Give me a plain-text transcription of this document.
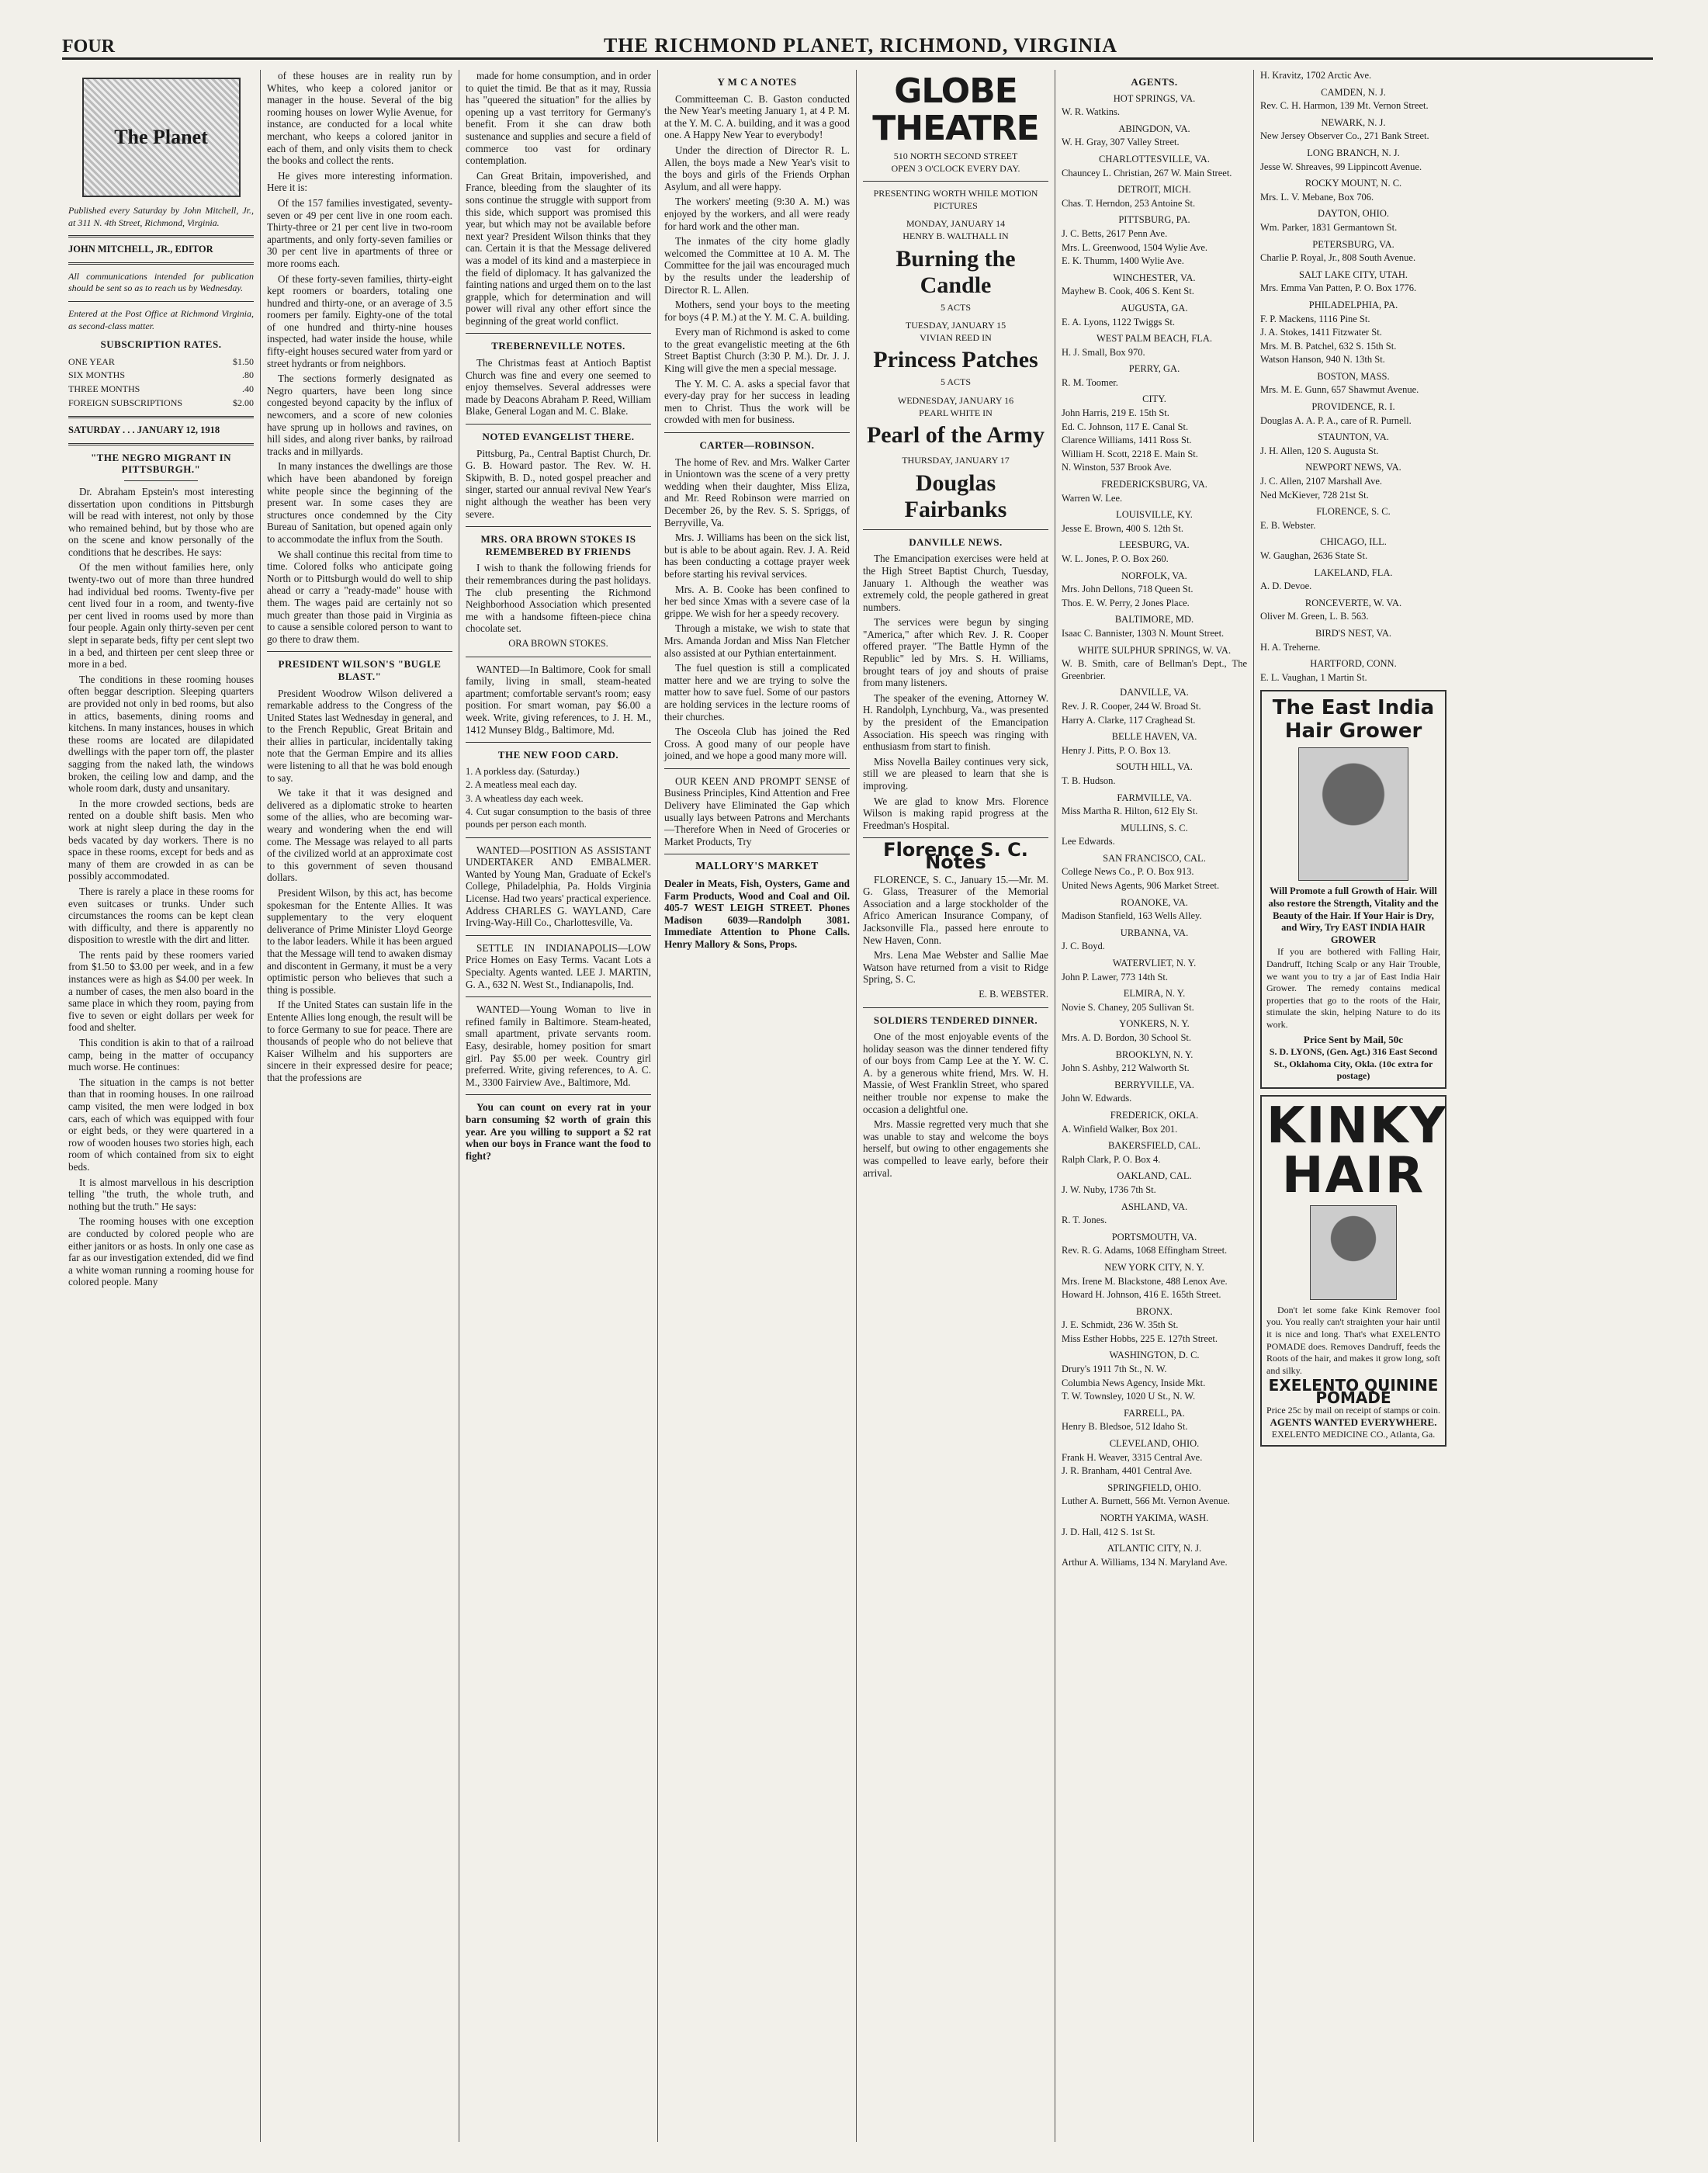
FOUR	THE RICHMOND PLANET, RICHMOND, VIRGINIA
The Planet
Published every Saturday by John Mitchell, Jr., at 311 N. 4th Street, Richmond, Virginia.
JOHN MITCHELL, JR., EDITOR
All communications intended for publication should be sent so as to reach us by Wednesday.
Entered at the Post Office at Richmond Virginia, as second-class matter.
SUBSCRIPTION RATES.
ONE YEAR	$1.50
SIX MONTHS	.80
THREE MONTHS	.40
FOREIGN SUBSCRIPTIONS	$2.00
SATURDAY . . . JANUARY 12, 1918
"THE NEGRO MIGRANT IN PITTSBURGH."

Dr. Abraham Epstein's most interesting dissertation upon conditions in Pittsburgh will be read with interest, not only by those who remained behind, but by those who are on the scene and know personally of the conditions that he describes. He says:

Of the men without families here, only twenty-two out of more than three hundred had individual bed rooms. Twenty-five per cent lived four in a room, and twenty-five per cent lived in rooms used by more than four people. Again only thirty-seven per cent slept in separate beds, fifty per cent slept two in a bed, and thirteen per cent sleep three or more in a bed.

The conditions in these rooming houses often beggar description. Sleeping quarters are provided not only in bed rooms, but also in attics, basements, dining rooms and kitchens. In many instances, houses in which these rooms are located are dilapidated dwellings with the paper torn off, the plaster sagging from the naked lath, the windows broken, the ceiling low and damp, and the whole room dark, dusty and unsanitary.

In the more crowded sections, beds are rented on a double shift basis. Men who work at night sleep during the day in the beds vacated by day workers. There is no space in these rooms, except for beds and as many of them are crowded in as can be possibly accommodated.

There is rarely a place in these rooms for even suitcases or trunks. Under such circumstances the rooms can be kept clean with difficulty, and there is apparently no disposition to wrestle with the dirt and litter.

The rents paid by these roomers varied from $1.50 to $3.00 per week, and in a few instances were as high as $4.00 per week. In a number of cases, the men also board in the same place in which they room, paying from five to seven or eight dollars per week for food and shelter.

This condition is akin to that of a railroad camp, being in the matter of occupancy much worse. He continues:

The situation in the camps is not better than that in rooming houses. In one railroad camp visited, the men were lodged in box cars, each of which was equipped with four or eight beds, or they were quartered in a row of wooden houses two stories high, each room of which contained from six to eight beds.

It is almost marvellous in his description telling "the truth, the whole truth, and nothing but the truth." He says:

The rooming houses with one exception are conducted by colored people who are either janitors or as hosts. In only one case as far as our investigation extended, did we find a white woman running a rooming house for colored people. Many

of these houses are in reality run by Whites, who keep a colored janitor or manager in the house. Several of the big rooming houses on lower Wylie Avenue, for instance, are conducted for a local white merchant, who keeps a colored janitor in each of them, and only visits them to check the books and collect the rents.

He gives more interesting information. Here it is:

Of the 157 families investigated, seventy-seven or 49 per cent live in one room each. Thirty-three or 21 per cent live in two-room apartments, and only forty-seven families or 30 per cent live in apartments of three or more rooms each.

Of these forty-seven families, thirty-eight kept roomers or boarders, totaling one hundred and thirty-one, or an average of 3.5 roomers per family. Eighty-one of the total of one hundred and thirty-nine houses inspected, had water inside the house, while fifty-eight houses secured water from yard or street hydrants or from neighbors.

The sections formerly designated as Negro quarters, have been long since congested beyond capacity by the influx of newcomers, and a score of new colonies have sprung up in hollows and ravines, on hill sides, and along river banks, by railroad tracks and in millyards.

In many instances the dwellings are those which have been abandoned by foreign white people since the beginning of the present war. In some cases they are structures once condemned by the City Bureau of Sanitation, but opened again only to accommodate the influx from the South.

We shall continue this recital from time to time. Colored folks who anticipate going North or to Pittsburgh would do well to ship ahead or carry a "ready-made" house with them. The wages paid are certainly not so much greater than those paid in Virginia as to cause a sensible colored person to want to go there to draw them.

PRESIDENT WILSON'S "BUGLE BLAST."

President Woodrow Wilson delivered a remarkable address to the Congress of the United States last Wednesday in general, and to the French Republic, Great Britain and their allies in particular, incidentally taking note that the German Empire and its allies were listening to all that he was bold enough to say.

We take it that it was designed and delivered as a diplomatic stroke to hearten some of the allies, who are becoming war-weary and wondering when the end will come. The Message was relayed to all parts of the civilized world at an approximate cost to this government of seven thousand dollars.

President Wilson, by this act, has become spokesman for the Entente Allies. It was supplementary to the very eloquent deliverance of Prime Minister Lloyd George to the labor leaders. While it has been argued that the Message will tend to awaken dismay and discontent in Germany, it must be a very optimistic person who believes that such a thing is possible.

If the United States can sustain life in the Entente Allies long enough, the result will be to force Germany to sue for peace. There are thousands of people who do not believe that Kaiser Wilhelm and his supporters are sincere in their expressed desire for peace; that the professions are

made for home consumption, and in order to quiet the timid. Be that as it may, Russia has "queered the situation" for the allies by opening up a vast territory for Germany's benefit. From it she can draw both sustenance and supplies and secure a field of commerce too vast for ordinary contemplation.

Can Great Britain, impoverished, and France, bleeding from the slaughter of its sons continue the struggle with support from this side, which support was promised this year, but which may not be available before next year? President Wilson thinks that they can. Certain it is that the Message delivered was a model of its kind and a masterpiece in the field of diplomacy. It has galvanized the fainting nations and urged them on to the last grapple, which for determination and will power will rival any other effort since the beginning of the great world conflict.

TREBERNEVILLE NOTES.

The Christmas feast at Antioch Baptist Church was fine and every one seemed to enjoy themselves. Several addresses were made by Deacons Abraham P. Reed, William Blake, General Logan and M. C. Blake.

NOTED EVANGELIST THERE.

Pittsburg, Pa., Central Baptist Church, Dr. G. B. Howard pastor. The Rev. W. H. Skipwith, B. D., noted gospel preacher and singer, started our annual revival New Year's night although the weather has been very severe.

MRS. ORA BROWN STOKES IS REMEMBERED BY FRIENDS

I wish to thank the following friends for their remembrances during the past holidays. The club presenting the Richmond Neighborhood Association which presented me with a handsome fifteen-piece china chocolate set.

ORA BROWN STOKES.

WANTED—In Baltimore, Cook for small family, living in small, steam-heated apartment; comfortable servant's room; easy position. For smart woman, pay $6.00 a week. Write, giving references, to J. H. M., 1412 Munsey Bldg., Baltimore, Md.

THE NEW FOOD CARD.
1. A porkless day. (Saturday.)
2. A meatless meal each day.
3. A wheatless day each week.
4. Cut sugar consumption to the basis of three pounds per person each month.

WANTED—POSITION AS ASSISTANT UNDERTAKER AND EMBALMER. Wanted by Young Man, Graduate of Eckel's College, Philadelphia, Pa. Holds Virginia License. Had two years' practical experience. Address CHARLES G. WAYLAND, Care Irving-Way-Hill Co., Charlottesville, Va.

SETTLE IN INDIANAPOLIS—LOW Price Homes on Easy Terms. Vacant Lots a Specialty. Agents wanted. LEE J. MARTIN, G. A., 632 N. West St., Indianapolis, Ind.

WANTED—Young Woman to live in refined family in Baltimore. Steam-heated, small apartment, private servants room. Easy, desirable, homey position for smart girl. Pay $5.00 per week. Country girl preferred. Write, giving references, to A. C. M., 3300 Fairview Ave., Baltimore, Md.

You can count on every rat in your barn consuming $2 worth of grain this year. Are you willing to support a $2 rat when our boys in France want the food to fight?

Y M C A NOTES

Committeeman C. B. Gaston conducted the New Year's meeting January 1, at 4 P. M. at the Y. M. C. A. building, and it was a good one. A Happy New Year to everybody!

Under the direction of Director R. L. Allen, the boys made a New Year's visit to the boys and girls of the Friends Orphan Asylum, and all were happy.

The workers' meeting (9:30 A. M.) was enjoyed by the workers, and all were ready for hard work and the other man.

The inmates of the city home gladly welcomed the Committee at 10 A. M. The Committee for the jail was encouraged much by the results under the leadership of Director R. L. Allen.

Mothers, send your boys to the meeting for boys (4 P. M.) at the Y. M. C. A. building.

Every man of Richmond is asked to come to the great evangelistic meeting at the 6th Street Baptist Church (3:30 P. M.). Dr. J. J. King will give the men a special message.

The Y. M. C. A. asks a special favor that every-day pray for her success in leading men to Christ. Thus the work will be crowded with men for business.

CARTER—ROBINSON.

The home of Rev. and Mrs. Walker Carter in Uniontown was the scene of a very pretty wedding when their daughter, Miss Eliza, and Mr. Reed Robinson were married on December 26, by the Rev. S. S. Spriggs, of Berryville, Va.

Mrs. J. Williams has been on the sick list, but is able to be about again. Rev. J. A. Reid has been conducting a cottage prayer week before starting his revival services.

Mrs. A. B. Cooke has been confined to her bed since Xmas with a severe case of la grippe. We wish for her a speedy recovery.

Through a mistake, we wish to state that Mrs. Amanda Jordan and Miss Nan Fletcher also assisted at our Pythian entertainment.

The fuel question is still a complicated matter here and we are trying to solve the matter how to save fuel. Some of our pastors are holding services in the lecture rooms of their churches.

The Osceola Club has joined the Red Cross. A good many of our people have joined, and we hope a good many more will.

OUR KEEN AND PROMPT SENSE of Business Principles, Kind Attention and Free Delivery have Eliminated the Gap which usually lays between Patrons and Merchants—Therefore When in Need of Groceries or Market Products, Try

MALLORY'S MARKET

Dealer in Meats, Fish, Oysters, Game and Farm Products, Wood and Coal and Oil. 405-7 WEST LEIGH STREET. Phones Madison 6039—Randolph 3081. Immediate Attention to Phone Calls. Henry Mallory & Sons, Props.

GLOBE THEATRE
510 NORTH SECOND STREET
OPEN 3 O'CLOCK EVERY DAY.
PRESENTING WORTH WHILE MOTION PICTURES
MONDAY, JANUARY 14
HENRY B. WALTHALL IN
Burning the Candle
5 ACTS
TUESDAY, JANUARY 15
VIVIAN REED IN
Princess Patches
5 ACTS
WEDNESDAY, JANUARY 16
PEARL WHITE IN
Pearl of the Army
THURSDAY, JANUARY 17
Douglas Fairbanks
DANVILLE NEWS.

The Emancipation exercises were held at the High Street Baptist Church, Tuesday, January 1. Although the weather was extremely cold, the people gathered in great numbers.

The services were begun by singing "America," after which Rev. J. R. Cooper offered prayer. "The Battle Hymn of the Republic" led by Mrs. S. H. Williams, brought tears of joy and shouts of praise from many listeners.

The speaker of the evening, Attorney W. H. Randolph, Lynchburg, Va., was presented by the president of the Emancipation Association. His speech was ringing with enthusiasm from start to finish.

Miss Novella Bailey continues very sick, still we are pleased to learn that she is improving.

We are glad to know Mrs. Florence Wilson is making rapid progress at the Freedman's Hospital.

Florence S. C. Notes

FLORENCE, S. C., January 15.—Mr. M. G. Glass, Treasurer of the Memorial Association and a large stockholder of the Africo American Insurance Company, of Jacksonville Fla., passed here enroute to New Haven, Conn.

Mrs. Lena Mae Webster and Sallie Mae Watson have returned from a visit to Ridge Spring, S. C.

E. B. WEBSTER.
SOLDIERS TENDERED DINNER.

One of the most enjoyable events of the holiday season was the dinner tendered fifty of our boys from Camp Lee at the Y. W. C. A. by a generous white friend, Mrs. W. H. Massie, of West Franklin Street, who spared neither trouble nor expense to make the occasion a delightful one.

Mrs. Massie regretted very much that she was unable to stay and welcome the boys herself, but owing to other engagements she was compelled to leave early, before their arrival.

AGENTS.
HOT SPRINGS, VA.
W. R. Watkins.
ABINGDON, VA.
W. H. Gray, 307 Valley Street.
CHARLOTTESVILLE, VA.
Chauncey L. Christian, 267 W. Main Street.
DETROIT, MICH.
Chas. T. Herndon, 253 Antoine St.
PITTSBURG, PA.
J. C. Betts, 2617 Penn Ave.
Mrs. L. Greenwood, 1504 Wylie Ave.
E. K. Thumm, 1400 Wylie Ave.
WINCHESTER, VA.
Mayhew B. Cook, 406 S. Kent St.
AUGUSTA, GA.
E. A. Lyons, 1122 Twiggs St.
WEST PALM BEACH, FLA.
H. J. Small, Box 970.
PERRY, GA.
R. M. Toomer.
CITY.
John Harris, 219 E. 15th St.
Ed. C. Johnson, 117 E. Canal St.
Clarence Williams, 1411 Ross St.
William H. Scott, 2218 E. Main St.
N. Winston, 537 Brook Ave.
FREDERICKSBURG, VA.
Warren W. Lee.
LOUISVILLE, KY.
Jesse E. Brown, 400 S. 12th St.
LEESBURG, VA.
W. L. Jones, P. O. Box 260.
NORFOLK, VA.
Mrs. John Dellons, 718 Queen St.
Thos. E. W. Perry, 2 Jones Place.
BALTIMORE, MD.
Isaac C. Bannister, 1303 N. Mount Street.
WHITE SULPHUR SPRINGS, W. VA.
W. B. Smith, care of Bellman's Dept., The Greenbrier.
DANVILLE, VA.
Rev. J. R. Cooper, 244 W. Broad St.
Harry A. Clarke, 117 Craghead St.
BELLE HAVEN, VA.
Henry J. Pitts, P. O. Box 13.
SOUTH HILL, VA.
T. B. Hudson.
FARMVILLE, VA.
Miss Martha R. Hilton, 612 Ely St.
MULLINS, S. C.
Lee Edwards.
SAN FRANCISCO, CAL.
College News Co., P. O. Box 913.
United News Agents, 906 Market Street.
ROANOKE, VA.
Madison Stanfield, 163 Wells Alley.
URBANNA, VA.
J. C. Boyd.
WATERVLIET, N. Y.
John P. Lawer, 773 14th St.
ELMIRA, N. Y.
Novie S. Chaney, 205 Sullivan St.
YONKERS, N. Y.
Mrs. A. D. Bordon, 30 School St.
BROOKLYN, N. Y.
John S. Ashby, 212 Walworth St.
BERRYVILLE, VA.
John W. Edwards.
FREDERICK, OKLA.
A. Winfield Walker, Box 201.
BAKERSFIELD, CAL.
Ralph Clark, P. O. Box 4.
OAKLAND, CAL.
J. W. Nuby, 1736 7th St.
ASHLAND, VA.
R. T. Jones.
PORTSMOUTH, VA.
Rev. R. G. Adams, 1068 Effingham Street.
NEW YORK CITY, N. Y.
Mrs. Irene M. Blackstone, 488 Lenox Ave.
Howard H. Johnson, 416 E. 165th Street.
BRONX.
J. E. Schmidt, 236 W. 35th St.
Miss Esther Hobbs, 225 E. 127th Street.
WASHINGTON, D. C.
Drury's 1911 7th St., N. W.
Columbia News Agency, Inside Mkt.
T. W. Townsley, 1020 U St., N. W.
FARRELL, PA.
Henry B. Bledsoe, 512 Idaho St.
CLEVELAND, OHIO.
Frank H. Weaver, 3315 Central Ave.
J. R. Branham, 4401 Central Ave.
SPRINGFIELD, OHIO.
Luther A. Burnett, 566 Mt. Vernon Avenue.
NORTH YAKIMA, WASH.
J. D. Hall, 412 S. 1st St.
ATLANTIC CITY, N. J.
Arthur A. Williams, 134 N. Maryland Ave.
H. Kravitz, 1702 Arctic Ave.
CAMDEN, N. J.
Rev. C. H. Harmon, 139 Mt. Vernon Street.
NEWARK, N. J.
New Jersey Observer Co., 271 Bank Street.
LONG BRANCH, N. J.
Jesse W. Shreaves, 99 Lippincott Avenue.
ROCKY MOUNT, N. C.
Mrs. L. V. Mebane, Box 706.
DAYTON, OHIO.
Wm. Parker, 1831 Germantown St.
PETERSBURG, VA.
Charlie P. Royal, Jr., 808 South Avenue.
SALT LAKE CITY, UTAH.
Mrs. Emma Van Patten, P. O. Box 1776.
PHILADELPHIA, PA.
F. P. Mackens, 1116 Pine St.
J. A. Stokes, 1411 Fitzwater St.
Mrs. M. B. Patchel, 632 S. 15th St.
Watson Hanson, 940 N. 13th St.
BOSTON, MASS.
Mrs. M. E. Gunn, 657 Shawmut Avenue.
PROVIDENCE, R. I.
Douglas A. A. P. A., care of R. Purnell.
STAUNTON, VA.
J. H. Allen, 120 S. Augusta St.
NEWPORT NEWS, VA.
J. C. Allen, 2107 Marshall Ave.
Ned McKiever, 728 21st St.
FLORENCE, S. C.
E. B. Webster.
CHICAGO, ILL.
W. Gaughan, 2636 State St.
LAKELAND, FLA.
A. D. Devoe.
RONCEVERTE, W. VA.
Oliver M. Green, L. B. 563.
BIRD'S NEST, VA.
H. A. Treherne.
HARTFORD, CONN.
E. L. Vaughan, 1 Martin St.
The East India Hair Grower
Will Promote a full Growth of Hair. Will also restore the Strength, Vitality and the Beauty of the Hair. If Your Hair is Dry, and Wiry, Try EAST INDIA HAIR GROWER

If you are bothered with Falling Hair, Dandruff, Itching Scalp or any Hair Trouble, we want you to try a jar of East India Hair Grower. The remedy contains medical properties that go to the roots of the Hair, stimulate the skin, helping Nature to do its work.

Price Sent by Mail, 50c
S. D. LYONS, (Gen. Agt.) 316 East Second St., Oklahoma City, Okla. (10c extra for postage)
KINKY HAIR

Don't let some fake Kink Remover fool you. You really can't straighten your hair until it is nice and long. That's what EXELENTO POMADE does. Removes Dandruff, feeds the Roots of the hair, and makes it grow long, soft and silky.

EXELENTO QUININE POMADE
Price 25c by mail on receipt of stamps or coin.
AGENTS WANTED EVERYWHERE.
EXELENTO MEDICINE CO., Atlanta, Ga.
